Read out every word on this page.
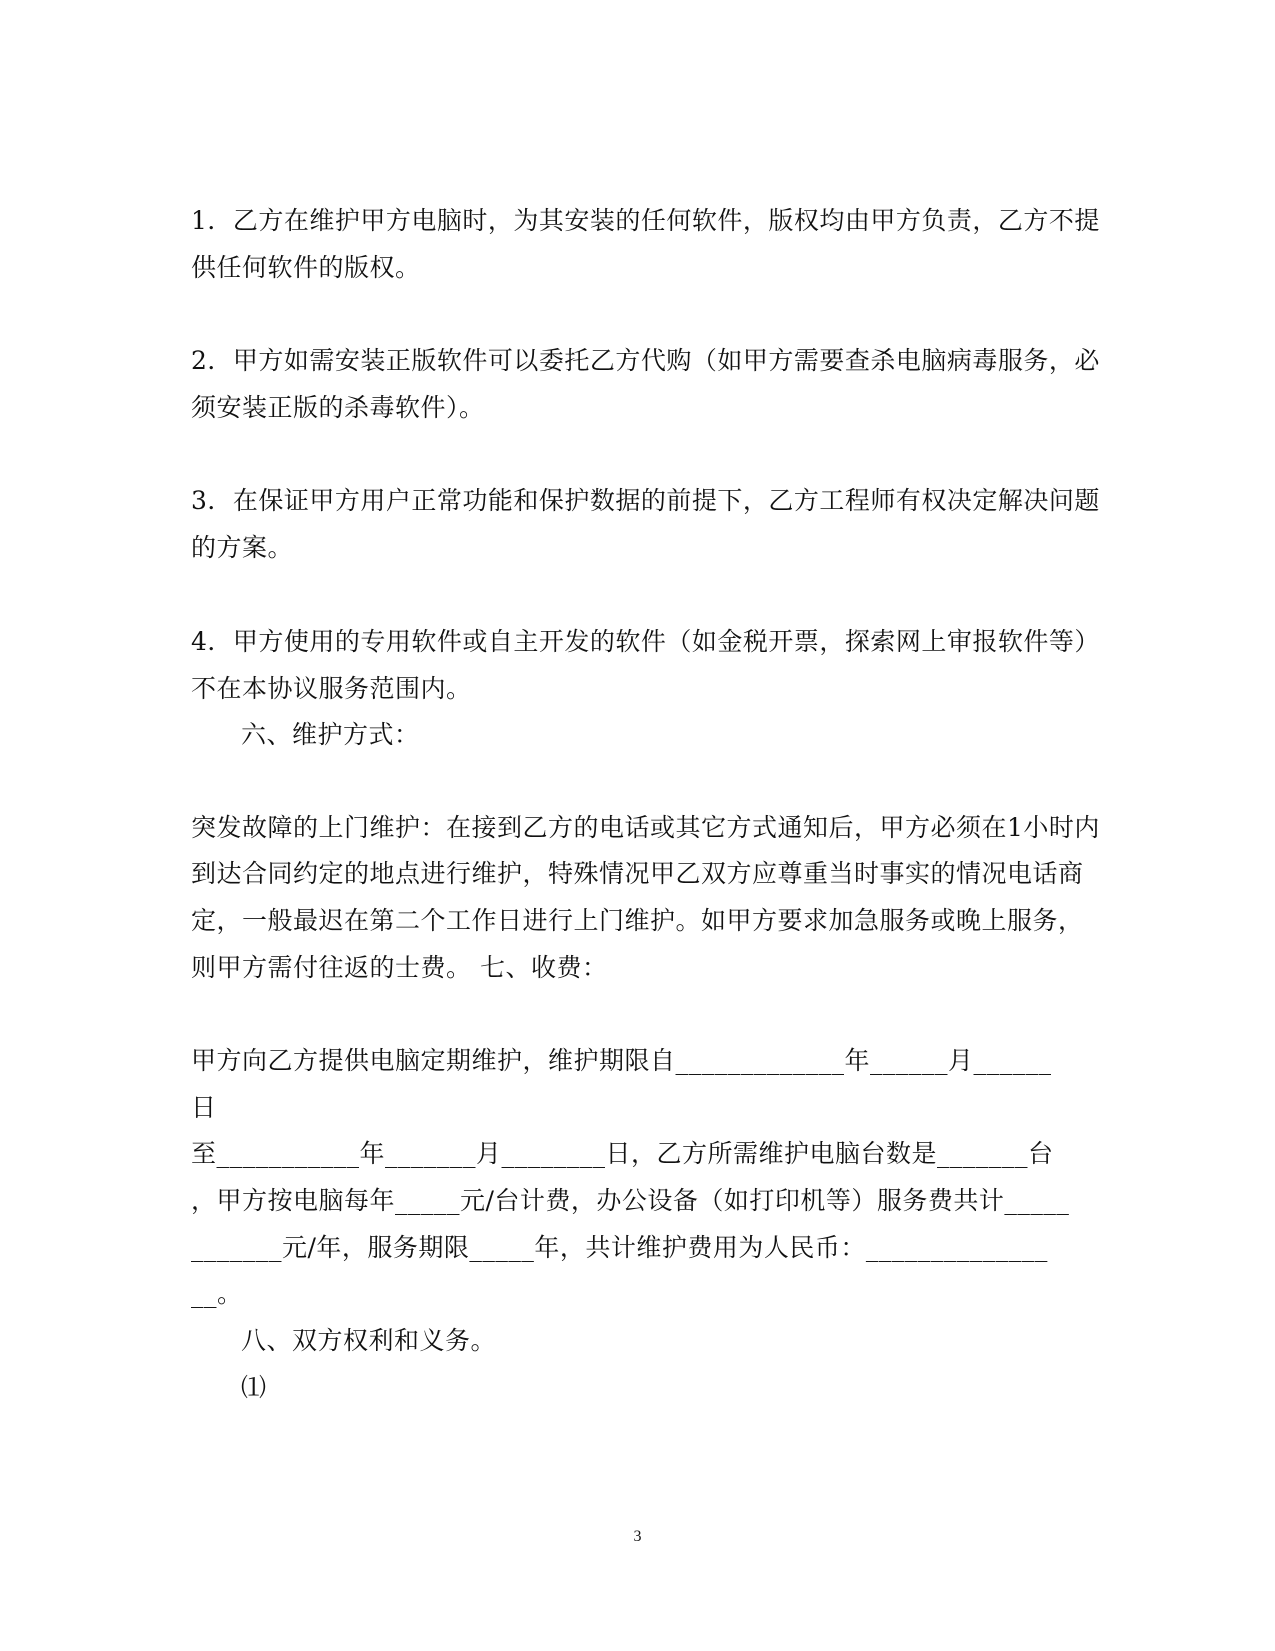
1．乙方在维护甲方电脑时，为其安装的任何软件，版权均由甲方负责，乙方不提
供任何软件的版权。
2．甲方如需安装正版软件可以委托乙方代购（如甲方需要查杀电脑病毒服务，必
须安装正版的杀毒软件）。
3．在保证甲方用户正常功能和保护数据的前提下，乙方工程师有权决定解决问题
的方案。
4．甲方使用的专用软件或自主开发的软件（如金税开票，探索网上审报软件等）
不在本协议服务范围内。
六、维护方式：
突发故障的上门维护：在接到乙方的电话或其它方式通知后，甲方必须在1小时内
到达合同约定的地点进行维护，特殊情况甲乙双方应尊重当时事实的情况电话商
定，一般最迟在第二个工作日进行上门维护。如甲方要求加急服务或晚上服务，
则甲方需付往返的士费。 七、收费：
甲方向乙方提供电脑定期维护，维护期限自_____________年______月______
日
至___________年_______月________日，乙方所需维护电脑台数是_______台
，甲方按电脑每年_____元/台计费，办公设备（如打印机等）服务费共计_____
_______元/年，服务期限_____年，共计维护费用为人民币：______________
__。
八、双方权利和义务。
⑴
3
